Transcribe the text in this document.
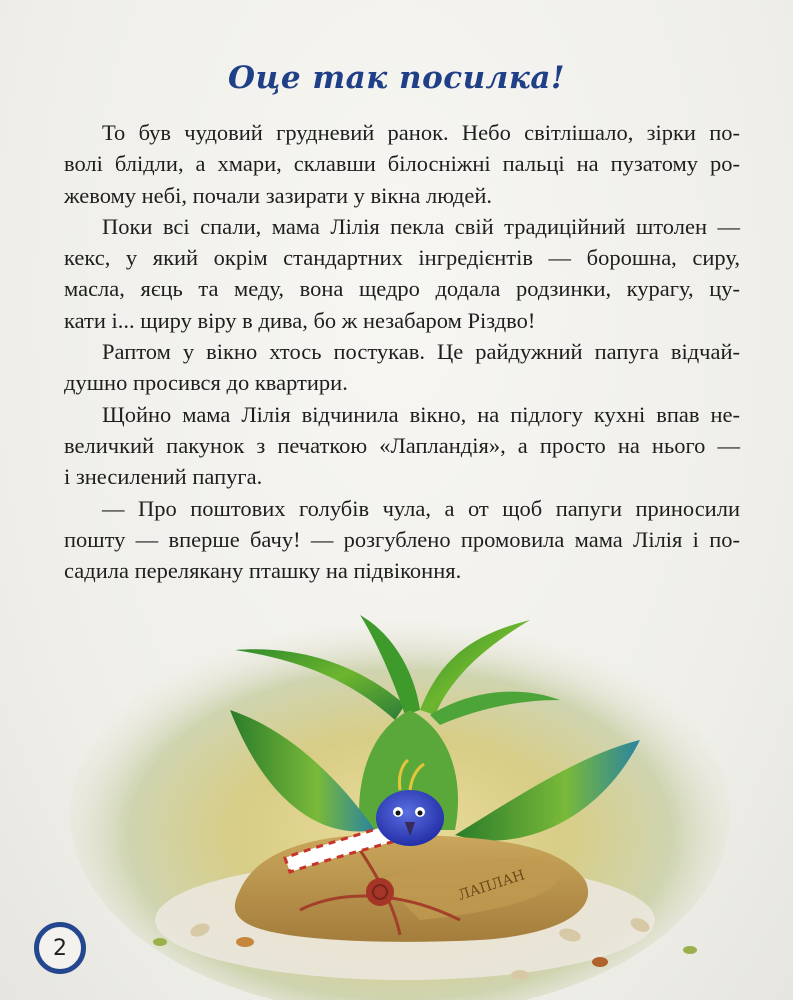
Оце так посилка!
То був чудовий грудневий ранок. Небо світлішало, зірки по-
волі блідли, а хмари, склавши білосніжні пальці на пузатому ро-
жевому небі, почали зазирати у вікна людей.
Поки всі спали, мама Лілія пекла свій традиційний штолен —
кекс, у який окрім стандартних інгредієнтів — борошна, сиру,
масла, яєць та меду, вона щедро додала родзинки, курагу, цу-
кати і... щиру віру в дива, бо ж незабаром Різдво!
Раптом у вікно хтось постукав. Це райдужний папуга відчай-
душно просився до квартири.
Щойно мама Лілія відчинила вікно, на підлогу кухні впав не-
величкий пакунок з печаткою «Лапландія», а просто на нього —
і знесилений папуга.
— Про поштових голубів чула, а от щоб папуги приносили
пошту — вперше бачу! — розгублено промовила мама Лілія і по-
садила перелякану пташку на підвіконня.
ЛАПЛАН
2
